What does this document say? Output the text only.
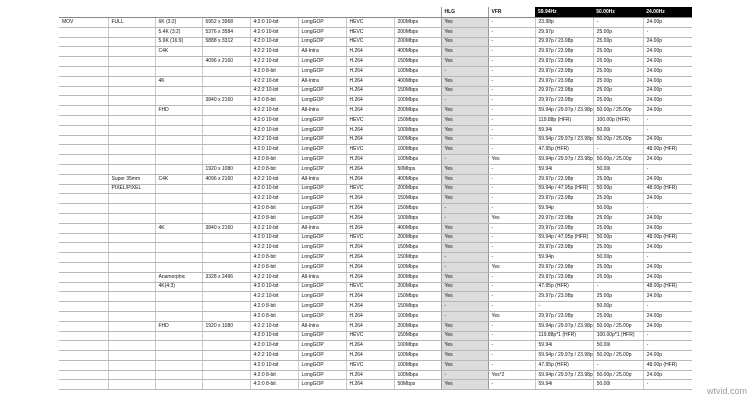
								HLG	VFR	59.94Hz	50.00Hz	24.00Hz
MOV	FULL	6K (3:2)	5952 x 3968	4:2:0 10-bit	LongGOP	HEVC	200Mbps	Yes	-	23.98p	-	24.00p
		5.4K (3:2)	5376 x 3584	4:2:0 10-bit	LongGOP	HEVC	200Mbps	Yes	-	29.97p	25.00p	-
		5.9K (16:9)	5888 x 3312	4:2:0 10-bit	LongGOP	HEVC	200Mbps	Yes	-	29.97p / 23.98p	25.00p	24.00p
		C4K		4:2:2 10-bit	All-Intra	H.264	400Mbps	Yes	-	29.97p / 23.98p	25.00p	24.00p
			4096 x 2160	4:2:2 10-bit	LongGOP	H.264	150Mbps	Yes	-	29.97p / 23.98p	25.00p	24.00p
				4:2:0 8-bit	LongGOP	H.264	100Mbps	-	-	29.97p / 23.98p	25.00p	24.00p
		4K		4:2:2 10-bit	All-Intra	H.264	400Mbps	Yes	-	29.97p / 23.98p	25.00p	24.00p
				4:2:2 10-bit	LongGOP	H.264	150Mbps	Yes	-	29.97p / 23.98p	25.00p	24.00p
			3840 x 2160	4:2:0 8-bit	LongGOP	H.264	100Mbps	-	-	29.97p / 23.98p	25.00p	24.00p
		FHD		4:2:2 10-bit	All-Intra	H.264	200Mbps	Yes	-	59.94p / 29.97p / 23.98p	50.00p / 25.00p	24.00p
				4:2:0 10-bit	LongGOP	HEVC	150Mbps	Yes	-	119.88p (HFR)	100.00p (HFR)	-
				4:2:0 10-bit	LongGOP	H.264	100Mbps	Yes	-	59.94i	50.00i	-
				4:2:2 10-bit	LongGOP	H.264	100Mbps	Yes	-	59.94p / 29.97p / 23.98p	50.00p / 25.00p	24.00p
				4:2:0 10-bit	LongGOP	HEVC	100Mbps	Yes	-	47.95p (HFR)	-	48.00p (HFR)
				4:2:0 8-bit	LongGOP	H.264	100Mbps	-	Yes	59.94p / 29.97p / 23.98p	50.00p / 25.00p	24.00p
			1920 x 1080	4:2:0 8-bit	LongGOP	H.264	50Mbps	Yes	-	59.94i	50.00i	-
	Super 35mm	C4K	4096 x 2160	4:2:2 10-bit	All-Intra	H.264	400Mbps	Yes	-	29.97p / 23.98p	25.00p	24.00p
	PIXEL/PIXEL			4:2:0 10-bit	LongGOP	HEVC	200Mbps	Yes	-	59.94p / 47.95p (HFR)	50.00p	48.00p (HFR)
				4:2:2 10-bit	LongGOP	H.264	150Mbps	Yes	-	29.97p / 23.98p	25.00p	24.00p
				4:2:0 8-bit	LongGOP	H.264	150Mbps	-	-	59.94p	50.00p	-
				4:2:0 8-bit	LongGOP	H.264	100Mbps	-	Yes	29.97p / 23.98p	25.00p	24.00p
		4K	3840 x 2160	4:2:2 10-bit	All-Intra	H.264	400Mbps	Yes	-	29.97p / 23.98p	25.00p	24.00p
				4:2:0 10-bit	LongGOP	HEVC	200Mbps	Yes	-	59.94p / 47.95p (HFR)	50.00p	48.00p (HFR)
				4:2:2 10-bit	LongGOP	H.264	150Mbps	Yes	-	29.97p / 23.98p	25.00p	24.00p
				4:2:0 8-bit	LongGOP	H.264	150Mbps	-	-	59.94p	50.00p	-
				4:2:0 8-bit	LongGOP	H.264	100Mbps	-	Yes	29.97p / 23.98p	25.00p	24.00p
		Anamorphic	3328 x 2496	4:2:2 10-bit	All-Intra	H.264	200Mbps	Yes	-	29.97p / 23.98p	25.00p	24.00p
		4K(4:3)		4:2:0 10-bit	LongGOP	HEVC	200Mbps	Yes	-	47.95p (HFR)	-	48.00p (HFR)
				4:2:2 10-bit	LongGOP	H.264	150Mbps	Yes	-	29.97p / 23.98p	25.00p	24.00p
				4:2:0 8-bit	LongGOP	H.264	150Mbps	-	-	-	50.00p	-
				4:2:0 8-bit	LongGOP	H.264	100Mbps	-	Yes	29.97p / 23.98p	25.00p	24.00p
		FHD	1920 x 1080	4:2:2 10-bit	All-Intra	H.264	200Mbps	Yes	-	59.94p / 29.97p / 23.98p	50.00p / 25.00p	24.00p
				4:2:0 10-bit	LongGOP	HEVC	150Mbps	Yes	-	119.88p*1 (HFR)	100.00p*1 (HFR)	-
				4:2:0 10-bit	LongGOP	H.264	100Mbps	Yes	-	59.94i	50.00i	-
				4:2:2 10-bit	LongGOP	H.264	100Mbps	Yes	-	59.94p / 29.97p / 23.98p	50.00p / 25.00p	24.00p
				4:2:0 10-bit	LongGOP	HEVC	100Mbps	Yes	-	47.95p (HFR)	-	48.00p (HFR)
				4:2:0 8-bit	LongGOP	H.264	100Mbps	-	Yes*2	59.94p / 29.97p / 23.98p	50.00p / 25.00p	24.00p
				4:2:0 8-bit	LongGOP	H.264	50Mbps	Yes	-	59.94i	50.00i	-
wtvid.com
